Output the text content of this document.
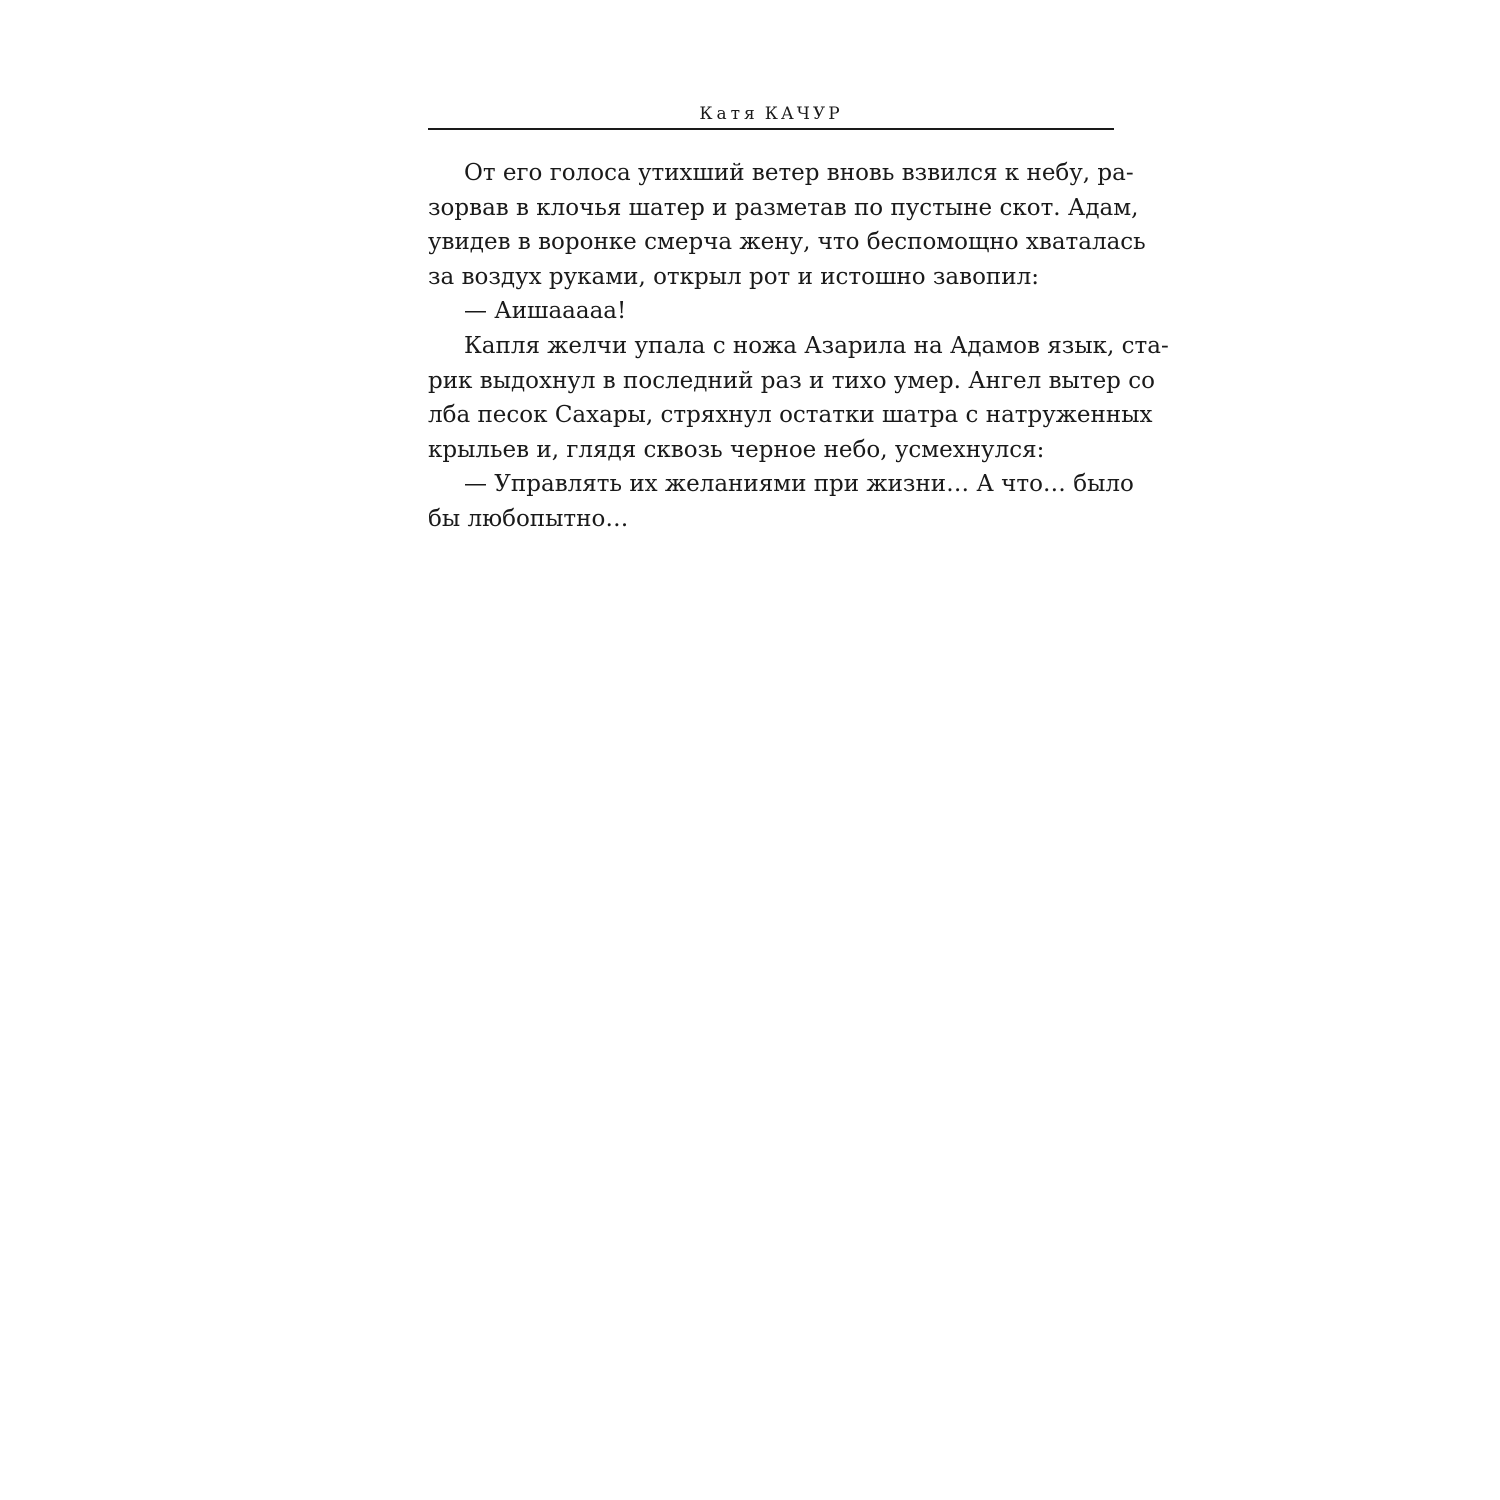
Катя КАЧУР
От его голоса утихший ветер вновь взвился к небу, ра-
зорвав в клочья шатер и разметав по пустыне скот. Адам,
увидев в воронке смерча жену, что беспомощно хваталась
за воздух руками, открыл рот и истошно завопил:
— Аишаааaа!
Капля желчи упала с ножа Азарила на Адамов язык, ста-
рик выдохнул в последний раз и тихо умер. Ангел вытер со
лба песок Сахары, стряхнул остатки шатра с натруженных
крыльев и, глядя сквозь черное небо, усмехнулся:
— Управлять их желаниями при жизни… А что… было
бы любопытно…
